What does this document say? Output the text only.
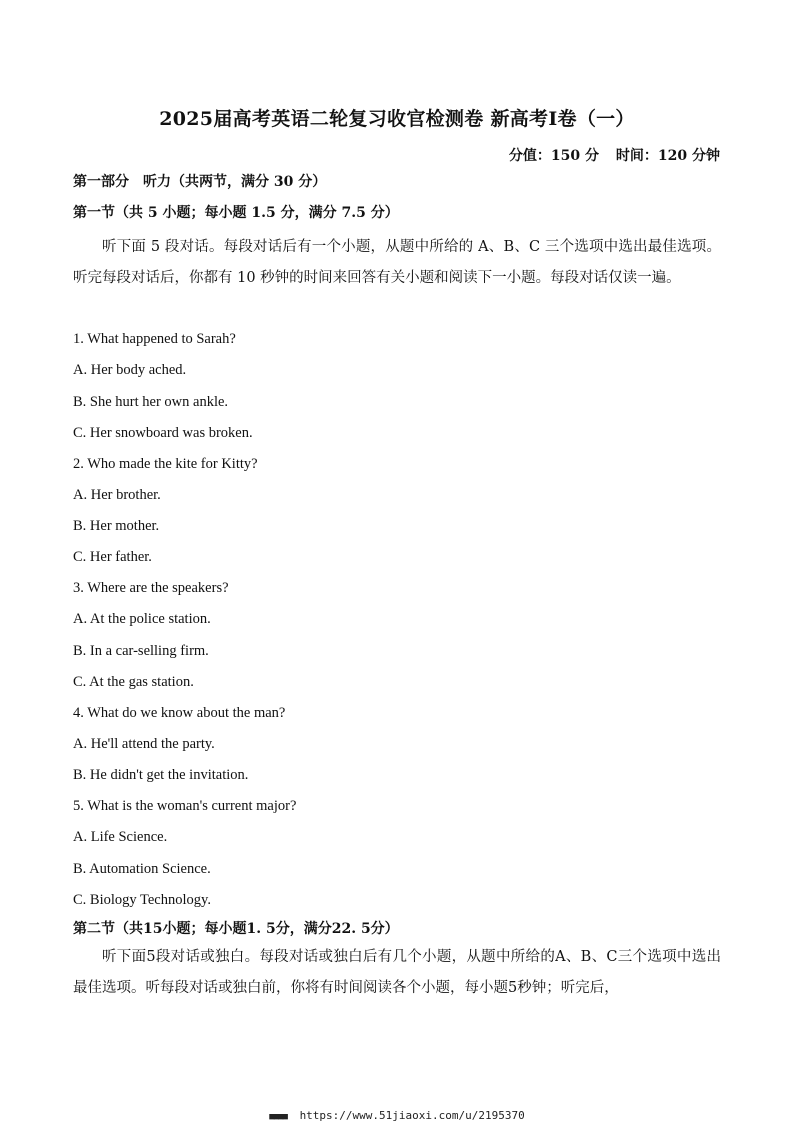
2025届高考英语二轮复习收官检测卷 新高考Ⅰ卷（一）
分值：150 分 时间：120 分钟
第一部分　听力（共两节，满分 30 分）
第一节（共 5 小题；每小题 1.5 分，满分 7.5 分）
听下面 5 段对话。每段对话后有一个小题，从题中所给的 A、B、C 三个选项中选出最佳选项。听完每段对话后，你都有 10 秒钟的时间来回答有关小题和阅读下一小题。每段对话仅读一遍。
1. What happened to Sarah?
A. Her body ached.
B. She hurt her own ankle.
C. Her snowboard was broken.
2. Who made the kite for Kitty?
A. Her brother.
B. Her mother.
C. Her father.
3. Where are the speakers?
A. At the police station.
B. In a car-selling firm.
C. At the gas station.
4. What do we know about the man?
A. He'll attend the party.
B. He didn't get the invitation.
5. What is the woman's current major?
A. Life Science.
B. Automation Science.
C. Biology Technology.
第二节（共15小题；每小题1. 5分，满分22. 5分）
听下面5段对话或独白。每段对话或独白后有几个小题，从题中所给的A、B、C三个选项中选出最佳选项。听每段对话或独白前，你将有时间阅读各个小题，每小题5秒钟；听完后，
■■■■ https://www.51jiaoxi.com/u/2195370
